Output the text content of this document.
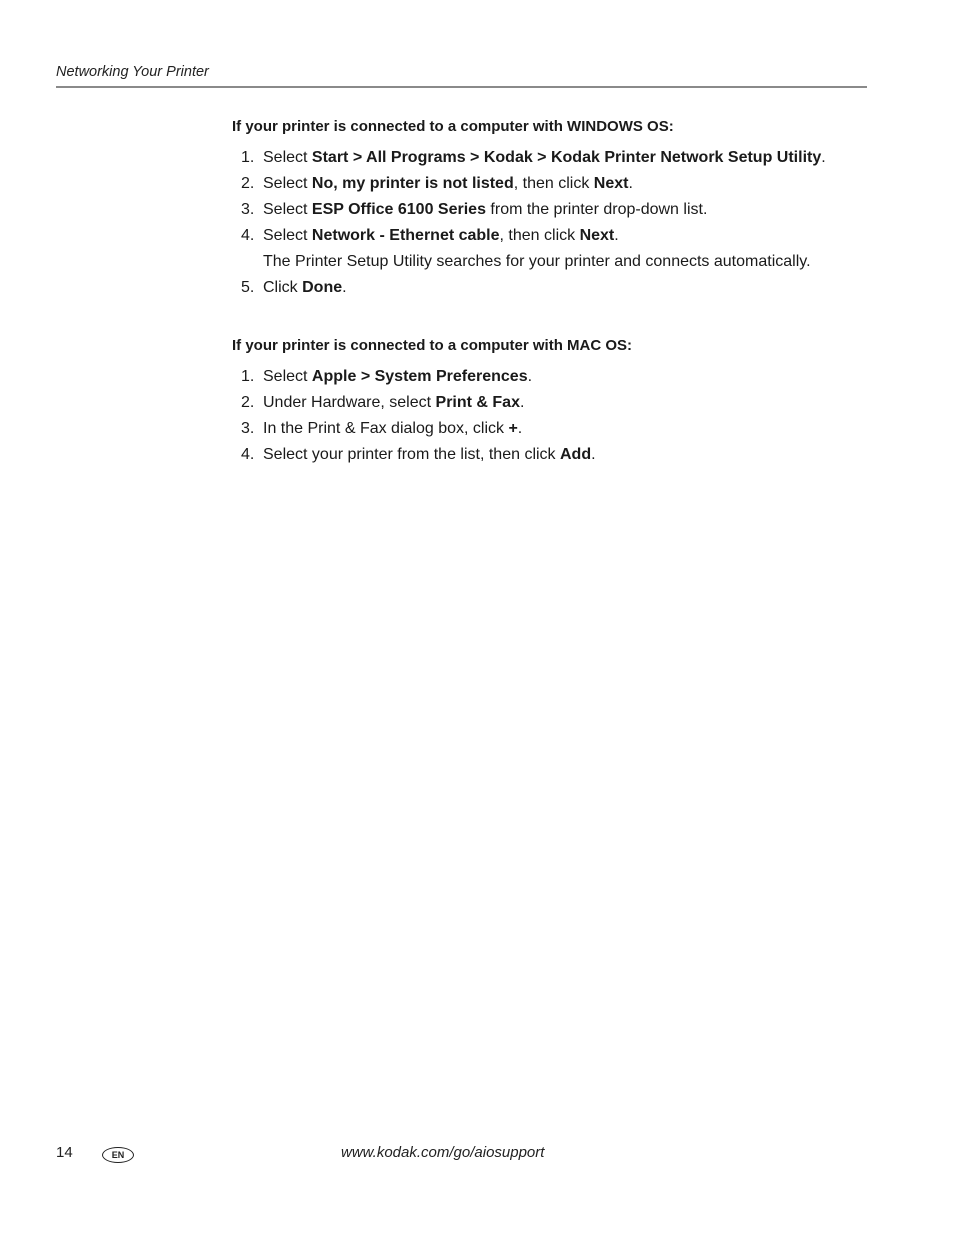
Networking Your Printer
If your printer is connected to a computer with WINDOWS OS:
1. Select Start > All Programs > Kodak > Kodak Printer Network Setup Utility.
2. Select No, my printer is not listed, then click Next.
3. Select ESP Office 6100 Series from the printer drop-down list.
4. Select Network - Ethernet cable, then click Next.
The Printer Setup Utility searches for your printer and connects automatically.
5. Click Done.
If your printer is connected to a computer with MAC OS:
1. Select Apple > System Preferences.
2. Under Hardware, select Print & Fax.
3. In the Print & Fax dialog box, click +.
4. Select your printer from the list, then click Add.
14	EN	www.kodak.com/go/aiosupport
